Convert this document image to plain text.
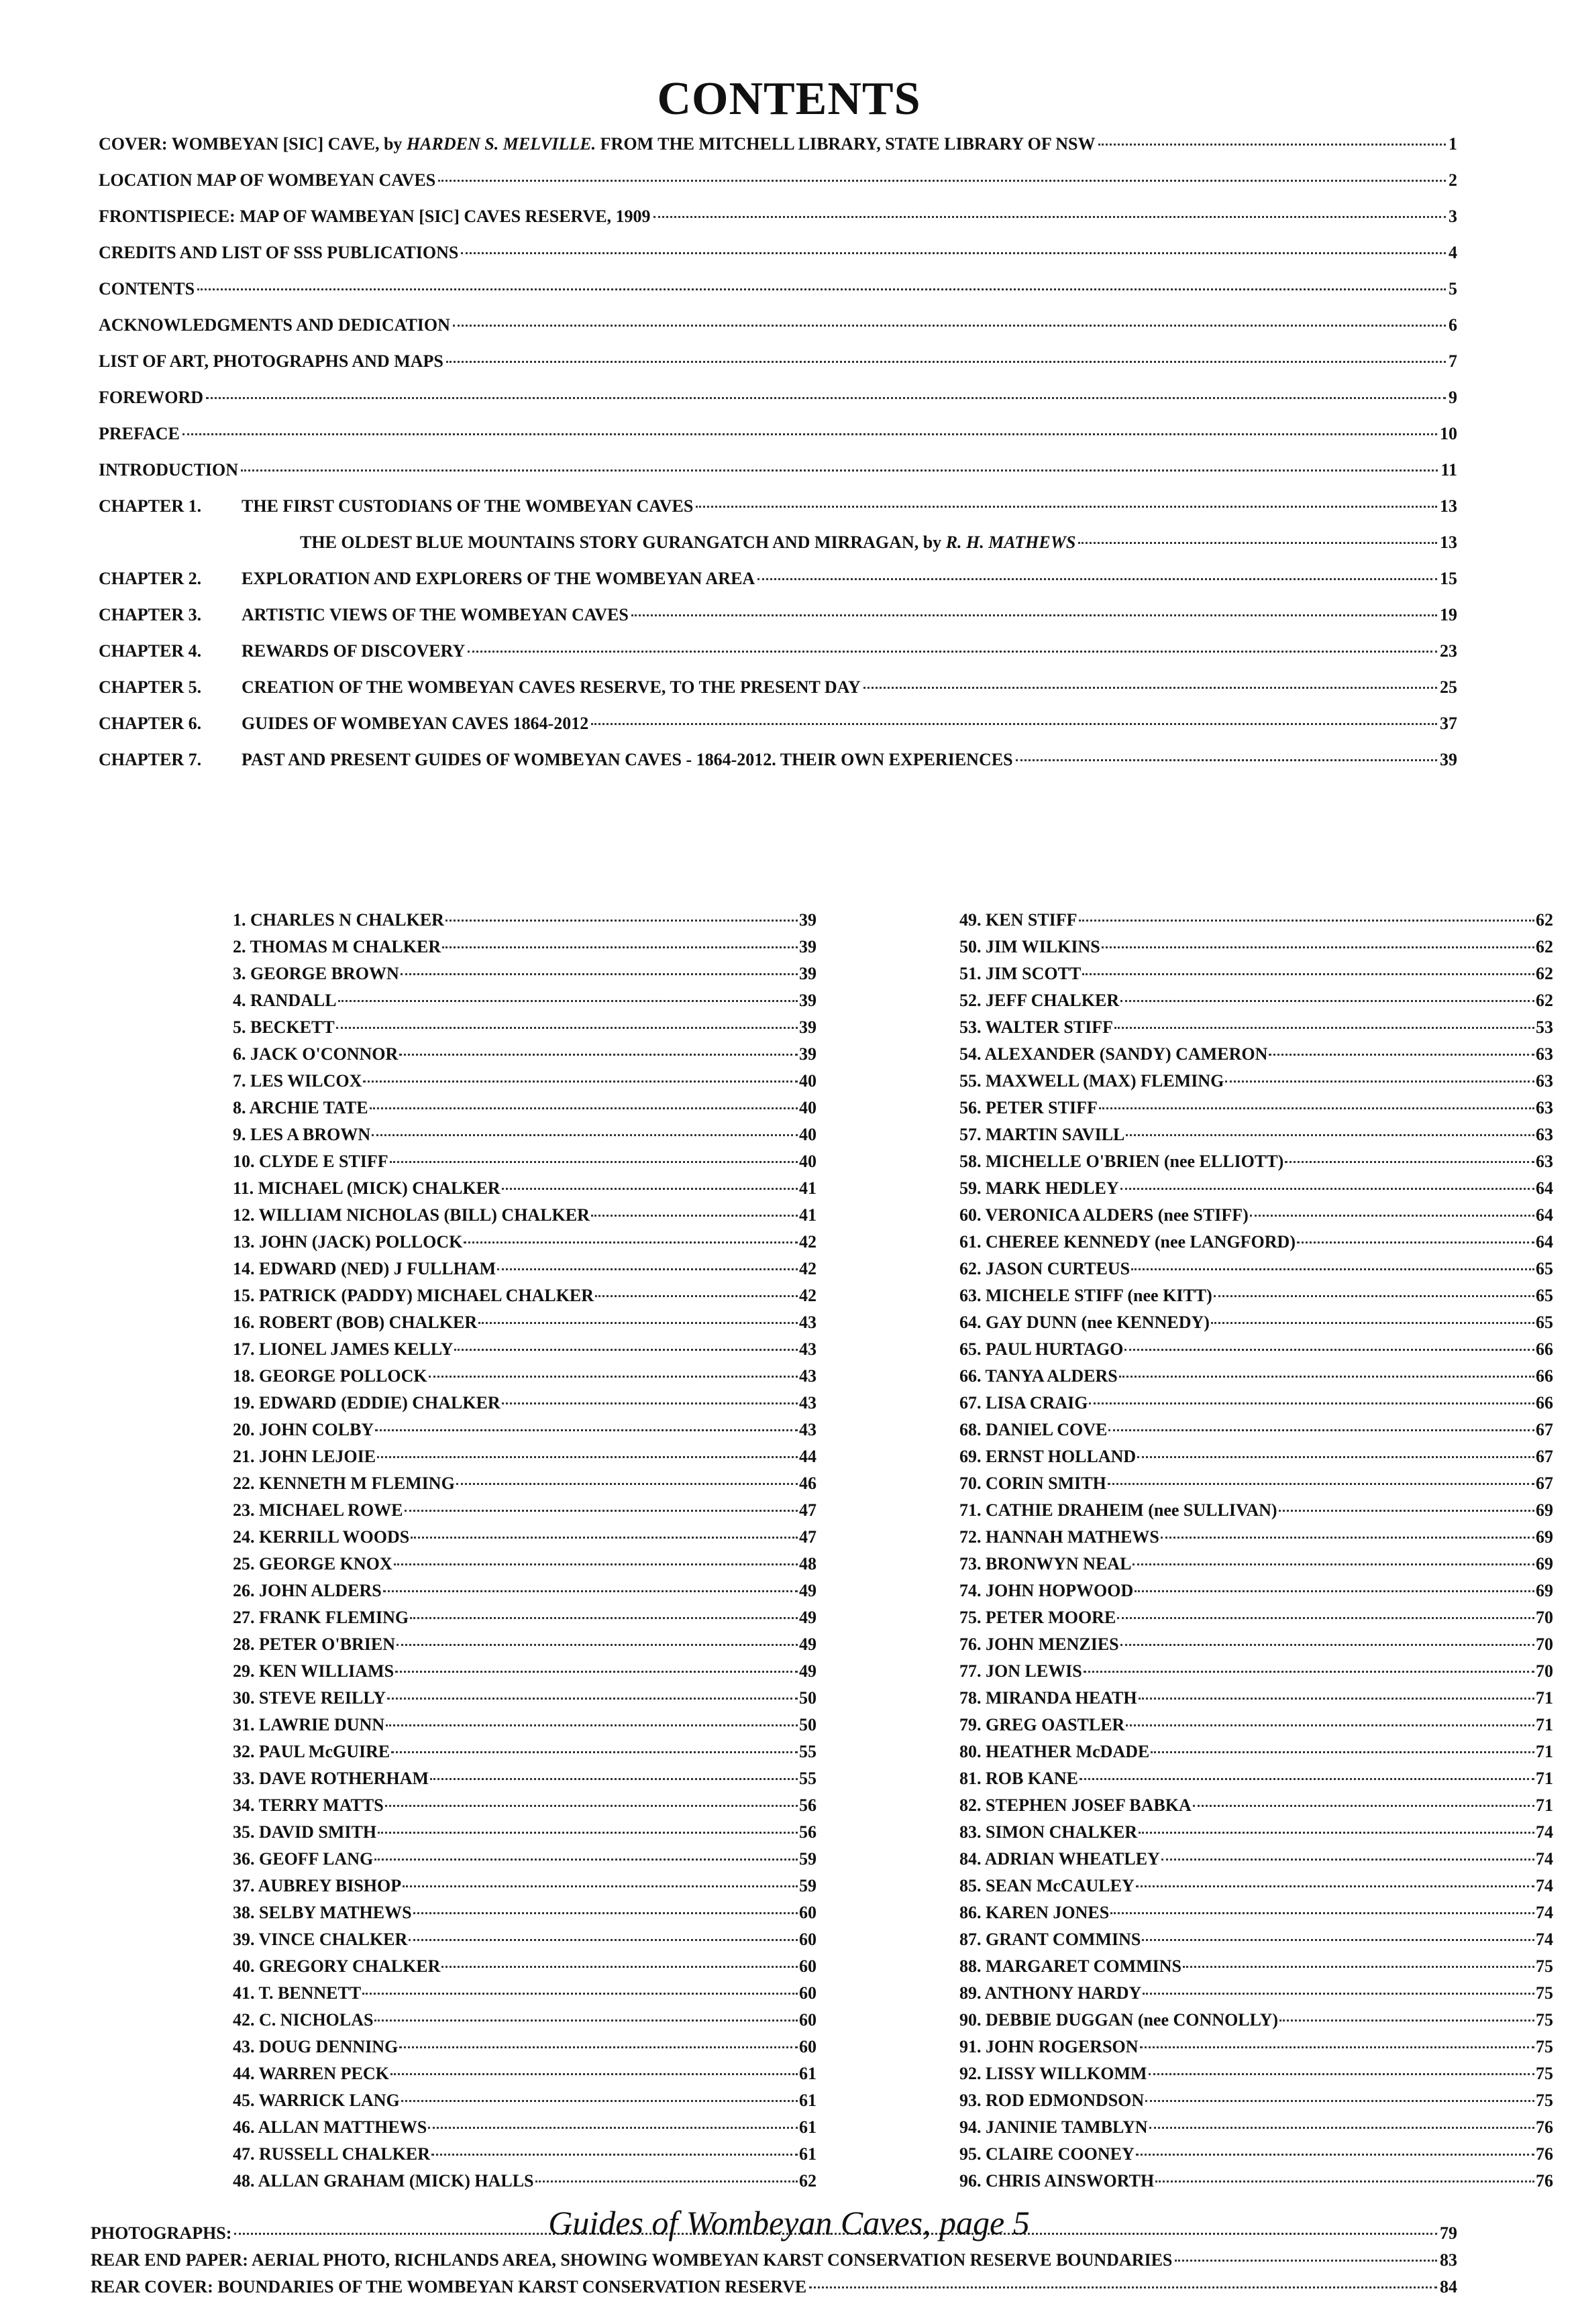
CONTENTS
COVER: WOMBEYAN [SIC] CAVE, by HARDEN S. MELVILLE. FROM THE MITCHELL LIBRARY, STATE LIBRARY OF NSW	1
LOCATION MAP OF WOMBEYAN CAVES	2
FRONTISPIECE: MAP OF WAMBEYAN [SIC] CAVES RESERVE, 1909	3
CREDITS AND LIST OF SSS PUBLICATIONS	4
CONTENTS	5
ACKNOWLEDGMENTS AND DEDICATION	6
LIST OF ART, PHOTOGRAPHS AND MAPS	7
FOREWORD	9
PREFACE	10
INTRODUCTION	11
CHAPTER 1.	THE FIRST CUSTODIANS OF THE WOMBEYAN CAVES	13
THE OLDEST BLUE MOUNTAINS STORY GURANGATCH AND MIRRAGAN, by R. H. MATHEWS	13
CHAPTER 2.	EXPLORATION AND EXPLORERS OF THE WOMBEYAN AREA	15
CHAPTER 3.	ARTISTIC VIEWS OF THE WOMBEYAN CAVES	19
CHAPTER 4.	REWARDS OF DISCOVERY	23
CHAPTER 5.	CREATION OF THE WOMBEYAN CAVES RESERVE, TO THE PRESENT DAY	25
CHAPTER 6.	GUIDES OF WOMBEYAN CAVES 1864-2012	37
CHAPTER 7.	PAST AND PRESENT GUIDES OF WOMBEYAN CAVES - 1864-2012. THEIR OWN EXPERIENCES	39
1. CHARLES N CHALKER	39
2. THOMAS M CHALKER	39
3. GEORGE BROWN	39
4. RANDALL	39
5. BECKETT	39
6. JACK O'CONNOR	39
7. LES WILCOX	40
8. ARCHIE TATE	40
9. LES A BROWN	40
10. CLYDE E STIFF	40
11. MICHAEL (MICK) CHALKER	41
12. WILLIAM NICHOLAS (BILL) CHALKER	41
13. JOHN (JACK) POLLOCK	42
14. EDWARD (NED) J FULLHAM	42
15. PATRICK (PADDY) MICHAEL CHALKER	42
16. ROBERT (BOB) CHALKER	43
17. LIONEL JAMES KELLY	43
18. GEORGE POLLOCK	43
19. EDWARD (EDDIE) CHALKER	43
20. JOHN COLBY	43
21. JOHN LEJOIE	44
22. KENNETH M FLEMING	46
23. MICHAEL ROWE	47
24. KERRILL WOODS	47
25. GEORGE KNOX	48
26. JOHN ALDERS	49
27. FRANK FLEMING	49
28. PETER O'BRIEN	49
29. KEN WILLIAMS	49
30. STEVE REILLY	50
31. LAWRIE DUNN	50
32. PAUL McGUIRE	55
33. DAVE ROTHERHAM	55
34. TERRY MATTS	56
35. DAVID SMITH	56
36. GEOFF LANG	59
37. AUBREY BISHOP	59
38. SELBY MATHEWS	60
39. VINCE CHALKER	60
40. GREGORY CHALKER	60
41. T. BENNETT	60
42. C. NICHOLAS	60
43. DOUG DENNING	60
44. WARREN PECK	61
45. WARRICK LANG	61
46. ALLAN MATTHEWS	61
47. RUSSELL CHALKER	61
48. ALLAN GRAHAM (MICK) HALLS	62
49. KEN STIFF	62
50. JIM WILKINS	62
51. JIM SCOTT	62
52. JEFF CHALKER	62
53. WALTER STIFF	53
54. ALEXANDER (SANDY) CAMERON	63
55. MAXWELL (MAX) FLEMING	63
56. PETER STIFF	63
57. MARTIN SAVILL	63
58. MICHELLE O'BRIEN (nee ELLIOTT)	63
59. MARK HEDLEY	64
60. VERONICA ALDERS (nee STIFF)	64
61. CHEREE KENNEDY (nee LANGFORD)	64
62. JASON CURTEUS	65
63. MICHELE STIFF (nee KITT)	65
64. GAY DUNN (nee KENNEDY)	65
65. PAUL HURTAGO	66
66. TANYA ALDERS	66
67. LISA CRAIG	66
68. DANIEL COVE	67
69. ERNST HOLLAND	67
70. CORIN SMITH	67
71. CATHIE DRAHEIM (nee SULLIVAN)	69
72. HANNAH MATHEWS	69
73. BRONWYN NEAL	69
74. JOHN HOPWOOD	69
75. PETER MOORE	70
76. JOHN MENZIES	70
77. JON LEWIS	70
78. MIRANDA HEATH	71
79. GREG OASTLER	71
80. HEATHER McDADE	71
81. ROB KANE	71
82. STEPHEN JOSEF BABKA	71
83. SIMON CHALKER	74
84. ADRIAN WHEATLEY	74
85. SEAN McCAULEY	74
86. KAREN JONES	74
87. GRANT COMMINS	74
88. MARGARET COMMINS	75
89. ANTHONY HARDY	75
90. DEBBIE DUGGAN (nee CONNOLLY)	75
91. JOHN ROGERSON	75
92. LISSY WILLKOMM	75
93. ROD EDMONDSON	75
94. JANINIE TAMBLYN	76
95. CLAIRE COONEY	76
96. CHRIS AINSWORTH	76
PHOTOGRAPHS:	79
REAR END PAPER: AERIAL PHOTO, RICHLANDS AREA, SHOWING WOMBEYAN KARST CONSERVATION RESERVE BOUNDARIES	83
REAR COVER: BOUNDARIES OF THE WOMBEYAN KARST CONSERVATION RESERVE	84
Guides of Wombeyan Caves, page 5
